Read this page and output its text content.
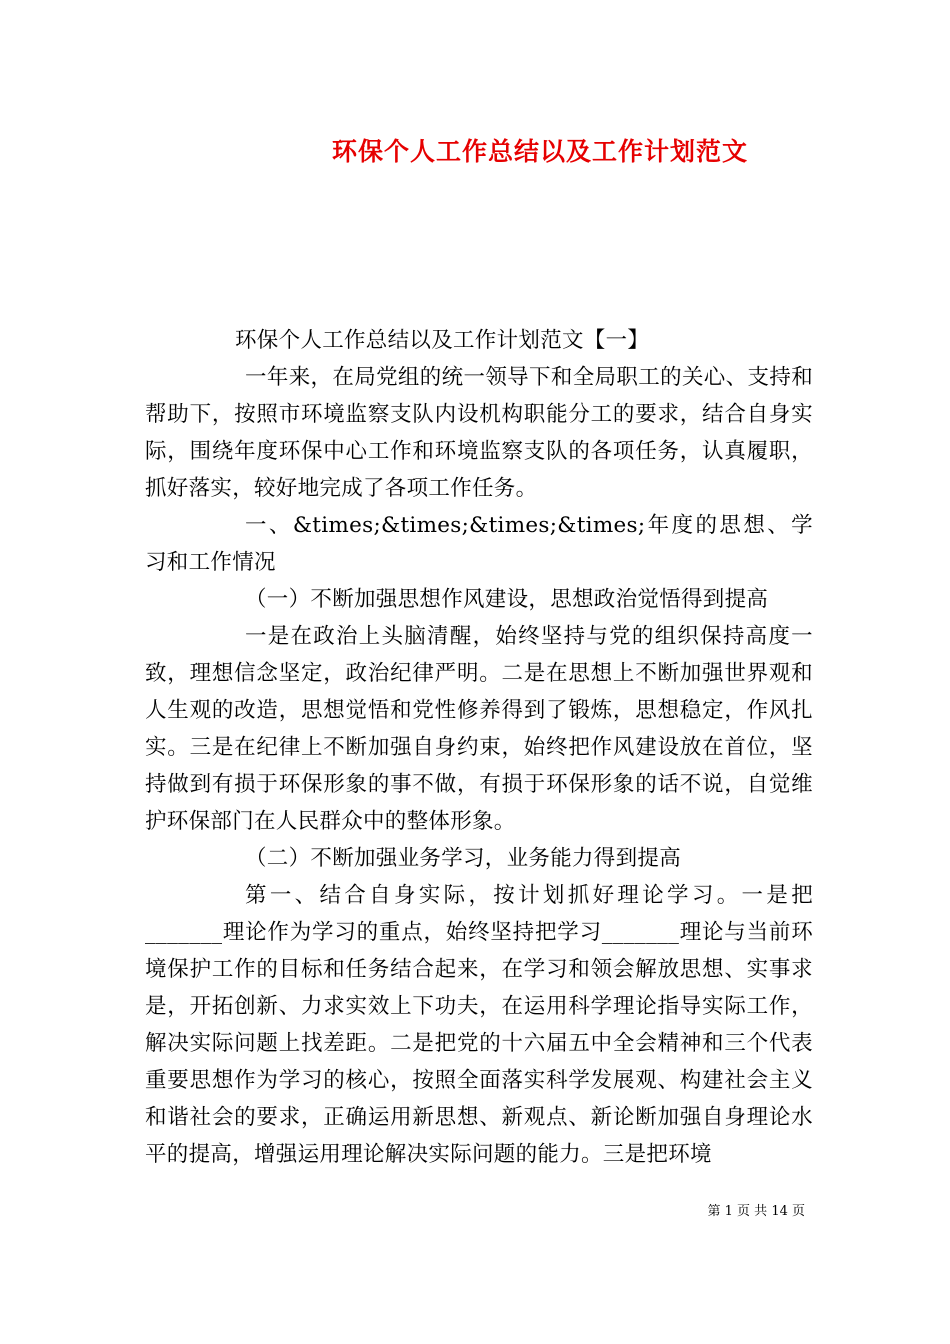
环保个人工作总结以及工作计划范文

环保个人工作总结以及工作计划范文【一】

一年来，在局党组的统一领导下和全局职工的关心、支持和帮助下，按照市环境监察支队内设机构职能分工的要求，结合自身实际，围绕年度环保中心工作和环境监察支队的各项任务，认真履职，抓好落实，较好地完成了各项工作任务。

一、&times;&times;&times;&times;年度的思想、学习和工作情况

（一）不断加强思想作风建设，思想政治觉悟得到提高

一是在政治上头脑清醒，始终坚持与党的组织保持高度一致，理想信念坚定，政治纪律严明。二是在思想上不断加强世界观和人生观的改造，思想觉悟和党性修养得到了锻炼，思想稳定，作风扎实。三是在纪律上不断加强自身约束，始终把作风建设放在首位，坚持做到有损于环保形象的事不做，有损于环保形象的话不说，自觉维护环保部门在人民群众中的整体形象。

（二）不断加强业务学习，业务能力得到提高

第一、结合自身实际，按计划抓好理论学习。一是把_______理论作为学习的重点，始终坚持把学习_______理论与当前环境保护工作的目标和任务结合起来，在学习和领会解放思想、实事求是，开拓创新、力求实效上下功夫，在运用科学理论指导实际工作，解决实际问题上找差距。二是把党的十六届五中全会精神和三个代表重要思想作为学习的核心，按照全面落实科学发展观、构建社会主义和谐社会的要求，正确运用新思想、新观点、新论断加强自身理论水平的提高，增强运用理论解决实际问题的能力。三是把环境

第 1 页 共 14 页
